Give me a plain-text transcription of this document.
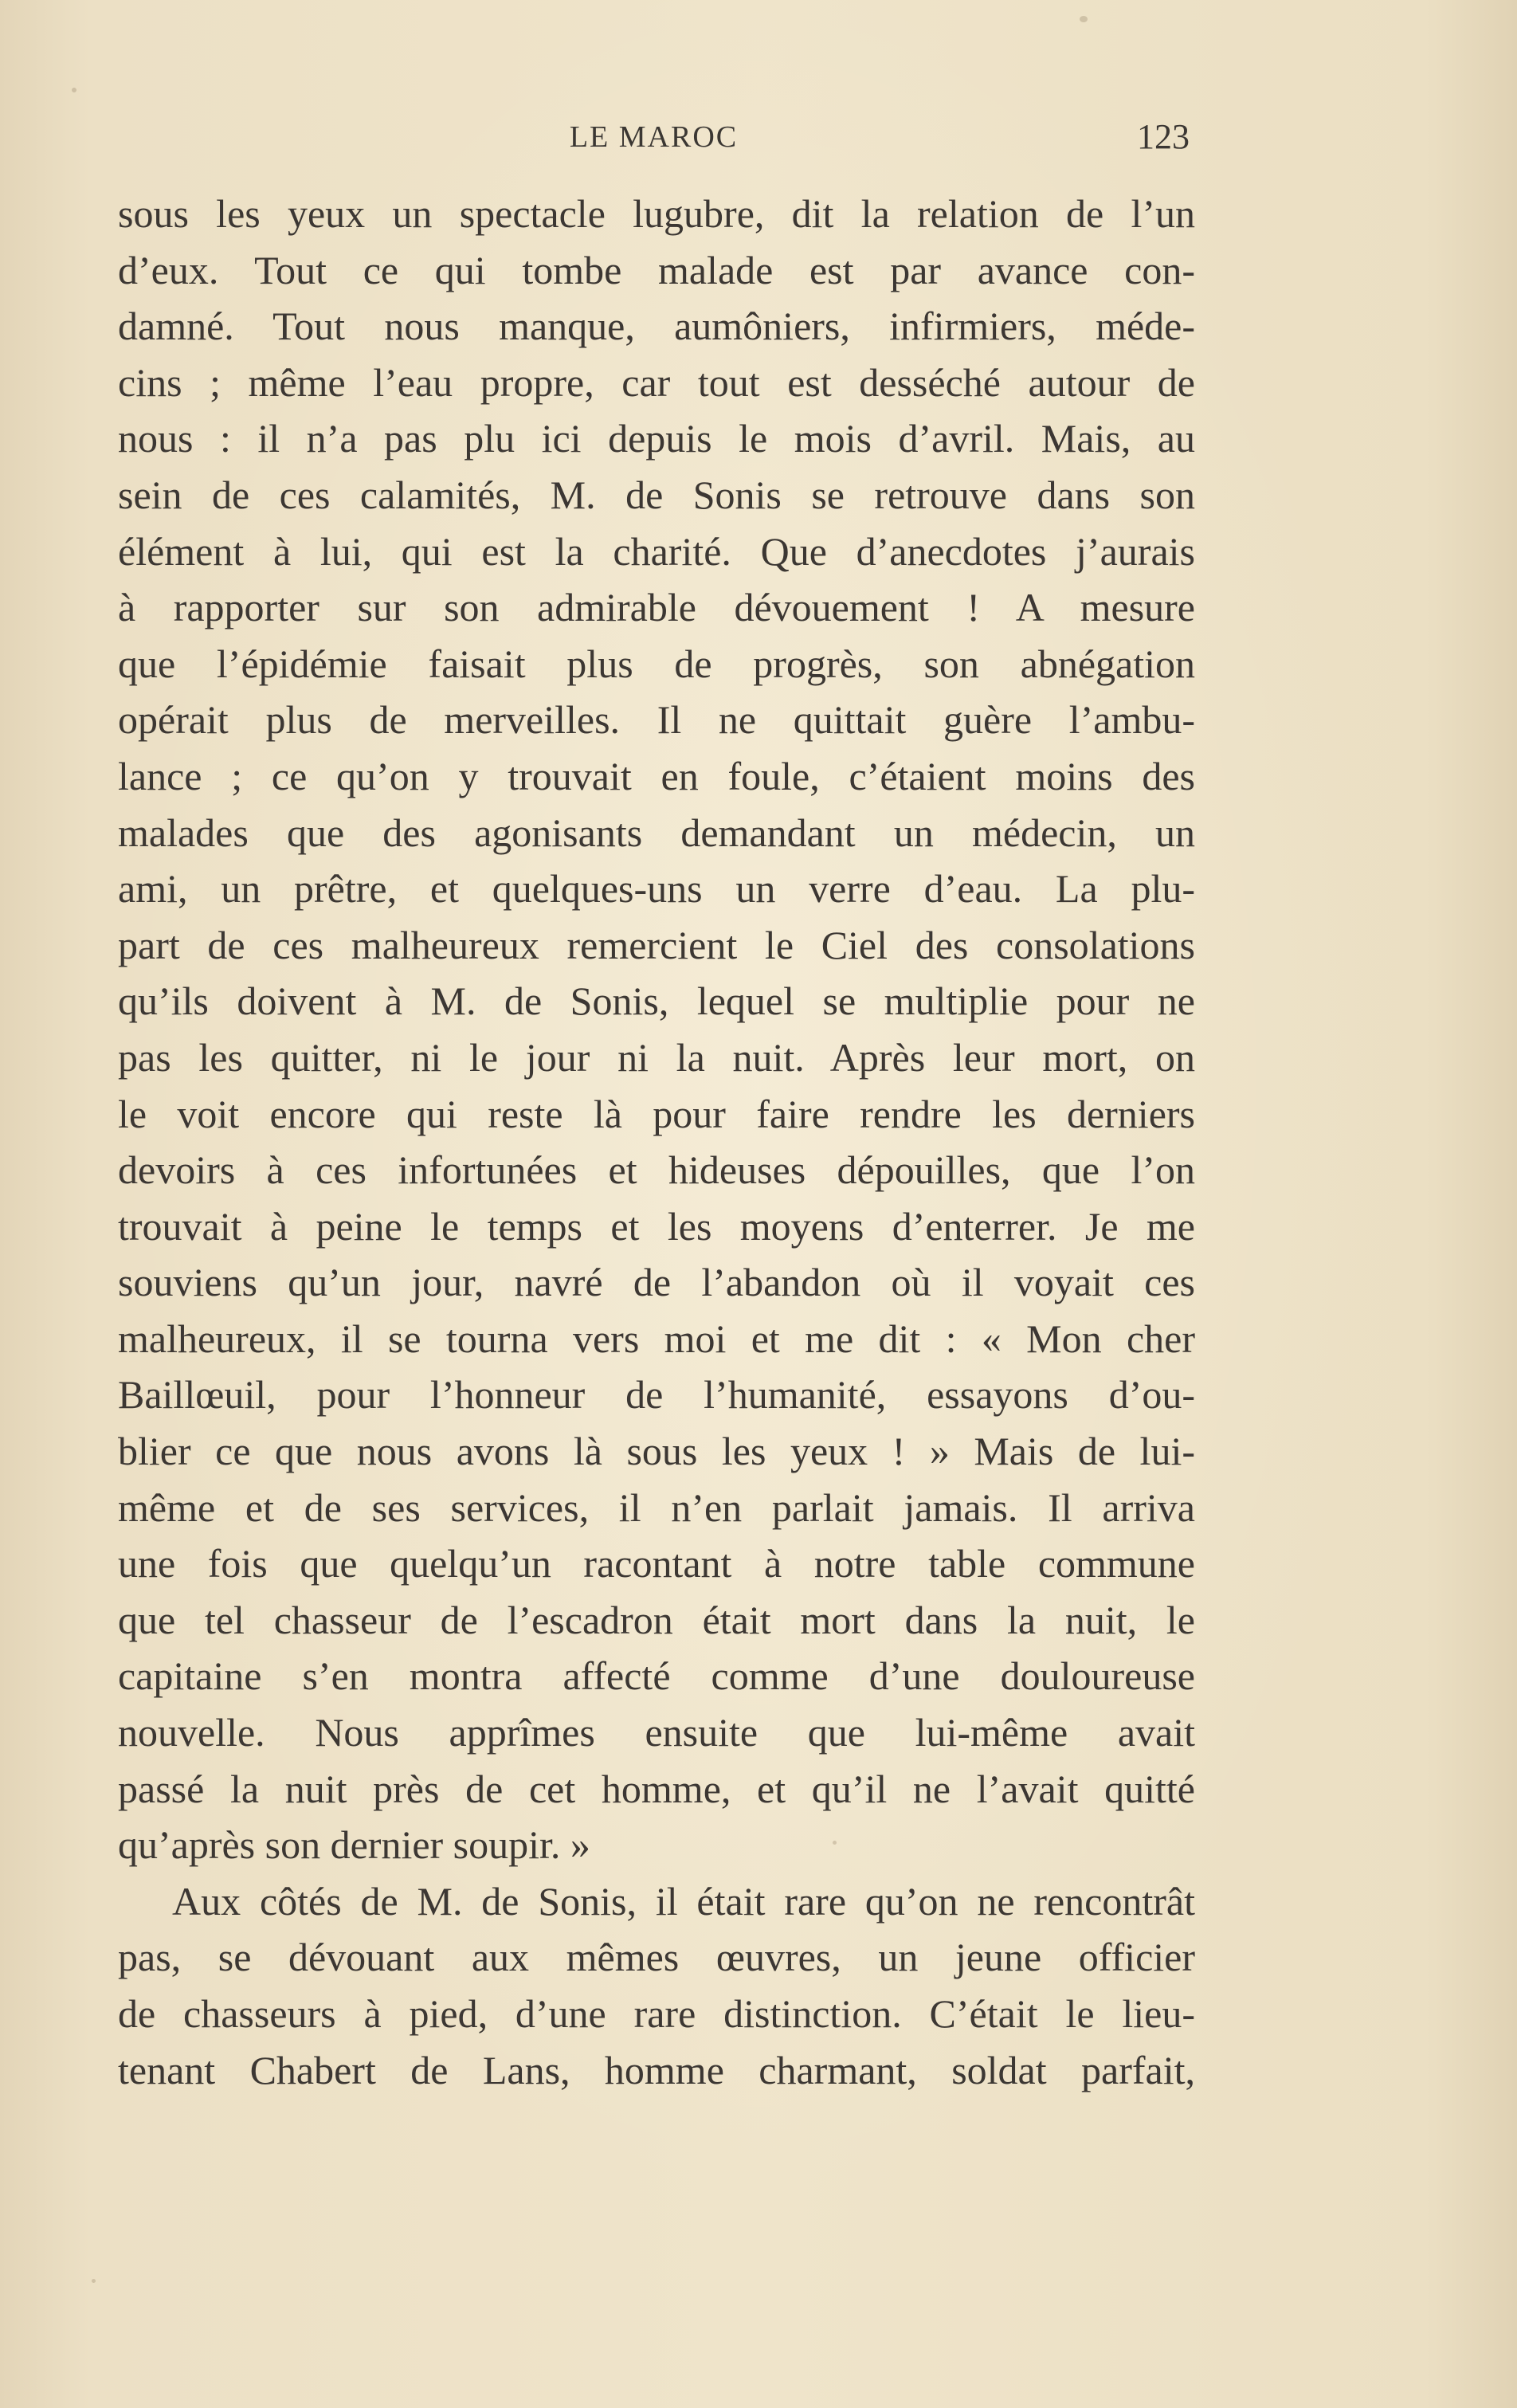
LE MAROC	123
sous les yeux un spectacle lugubre, dit la relation de l’un
d’eux. Tout ce qui tombe malade est par avance con-
damné. Tout nous manque, aumôniers, infirmiers, méde-
cins ; même l’eau propre, car tout est desséché autour de
nous : il n’a pas plu ici depuis le mois d’avril. Mais, au
sein de ces calamités, M. de Sonis se retrouve dans son
élément à lui, qui est la charité. Que d’anecdotes j’aurais
à rapporter sur son admirable dévouement ! A mesure
que l’épidémie faisait plus de progrès, son abnégation
opérait plus de merveilles. Il ne quittait guère l’ambu-
lance ; ce qu’on y trouvait en foule, c’étaient moins des
malades que des agonisants demandant un médecin, un
ami, un prêtre, et quelques-uns un verre d’eau. La plu-
part de ces malheureux remercient le Ciel des consolations
qu’ils doivent à M. de Sonis, lequel se multiplie pour ne
pas les quitter, ni le jour ni la nuit. Après leur mort, on
le voit encore qui reste là pour faire rendre les derniers
devoirs à ces infortunées et hideuses dépouilles, que l’on
trouvait à peine le temps et les moyens d’enterrer. Je me
souviens qu’un jour, navré de l’abandon où il voyait ces
malheureux, il se tourna vers moi et me dit : « Mon cher
Baillœuil, pour l’honneur de l’humanité, essayons d’ou-
blier ce que nous avons là sous les yeux ! » Mais de lui-
même et de ses services, il n’en parlait jamais. Il arriva
une fois que quelqu’un racontant à notre table commune
que tel chasseur de l’escadron était mort dans la nuit, le
capitaine s’en montra affecté comme d’une douloureuse
nouvelle. Nous apprîmes ensuite que lui-même avait
passé la nuit près de cet homme, et qu’il ne l’avait quitté
qu’après son dernier soupir. »
Aux côtés de M. de Sonis, il était rare qu’on ne rencontrât
pas, se dévouant aux mêmes œuvres, un jeune officier
de chasseurs à pied, d’une rare distinction. C’était le lieu-
tenant Chabert de Lans, homme charmant, soldat parfait,
